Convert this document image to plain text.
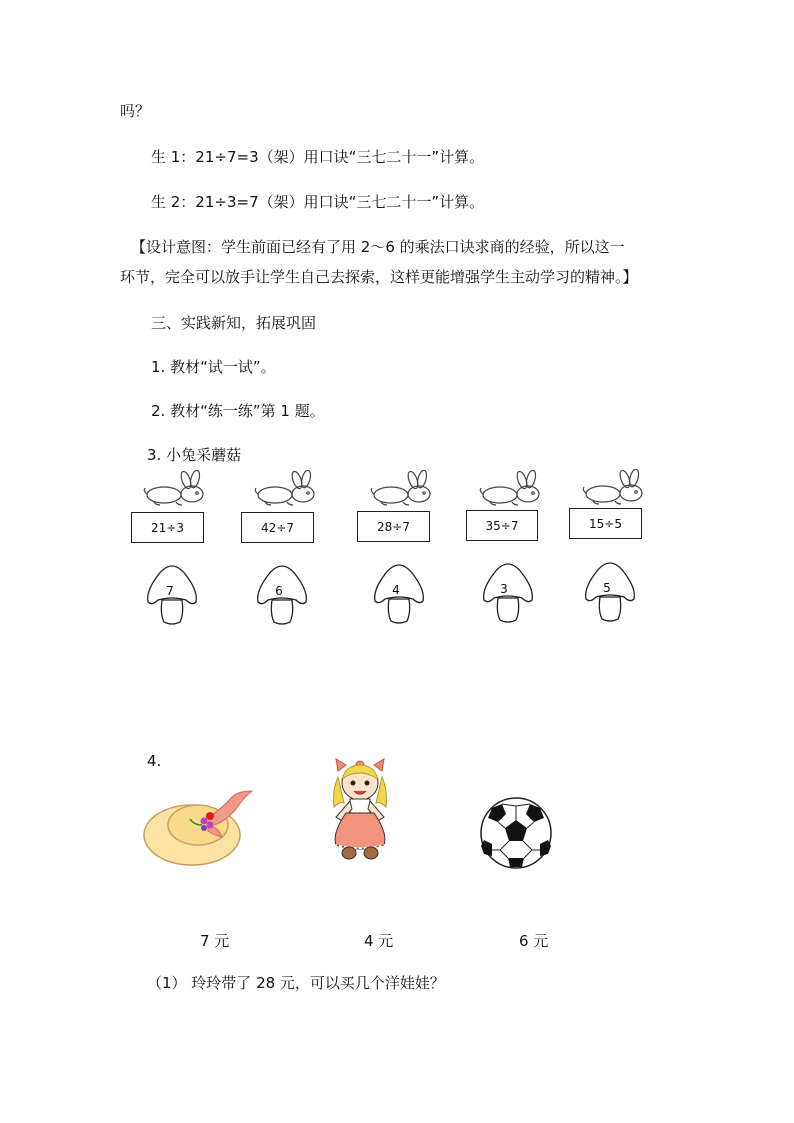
吗？
生 1：21÷7=3（架）用口诀“三七二十一”计算。
生 2：21÷3=7（架）用口诀“三七二十一”计算。
【设计意图：学生前面已经有了用 2～6 的乘法口诀求商的经验，所以这一
环节，完全可以放手让学生自己去探索，这样更能增强学生主动学习的精神。】
三、实践新知，拓展巩固
1. 教材“试一试”。
2. 教材“练一练”第 1 题。
3. 小兔采蘑菇
21÷3	42÷7	28÷7	35÷7	15÷5
7	6	4	3	5
4.
7 元	4 元	6 元
（1） 玲玲带了 28 元，可以买几个洋娃娃？
